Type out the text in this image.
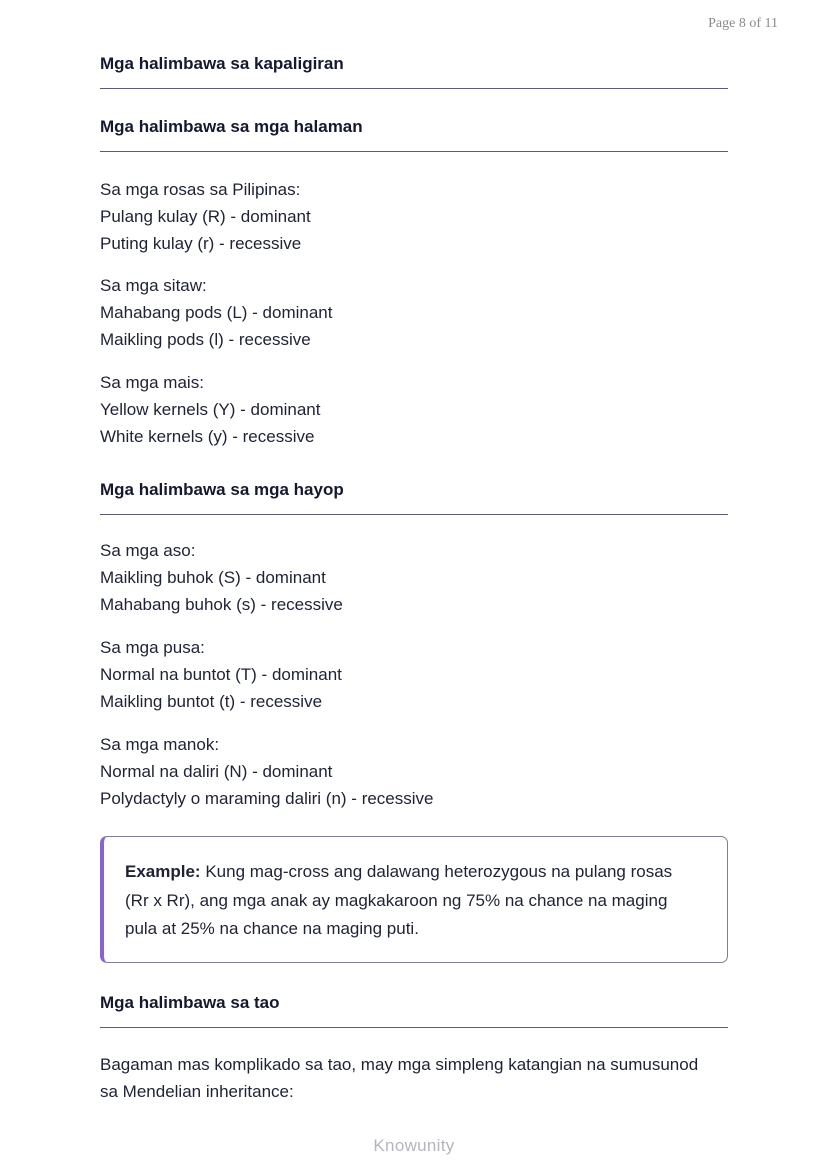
Page 8 of 11
Mga halimbawa sa kapaligiran
Mga halimbawa sa mga halaman
Sa mga rosas sa Pilipinas:
Pulang kulay (R) - dominant
Puting kulay (r) - recessive
Sa mga sitaw:
Mahabang pods (L) - dominant
Maikling pods (l) - recessive
Sa mga mais:
Yellow kernels (Y) - dominant
White kernels (y) - recessive
Mga halimbawa sa mga hayop
Sa mga aso:
Maikling buhok (S) - dominant
Mahabang buhok (s) - recessive
Sa mga pusa:
Normal na buntot (T) - dominant
Maikling buntot (t) - recessive
Sa mga manok:
Normal na daliri (N) - dominant
Polydactyly o maraming daliri (n) - recessive
Example: Kung mag-cross ang dalawang heterozygous na pulang rosas
(Rr x Rr), ang mga anak ay magkakaroon ng 75% na chance na maging
pula at 25% na chance na maging puti.
Mga halimbawa sa tao
Bagaman mas komplikado sa tao, may mga simpleng katangian na sumusunod
sa Mendelian inheritance:
Knowunity
